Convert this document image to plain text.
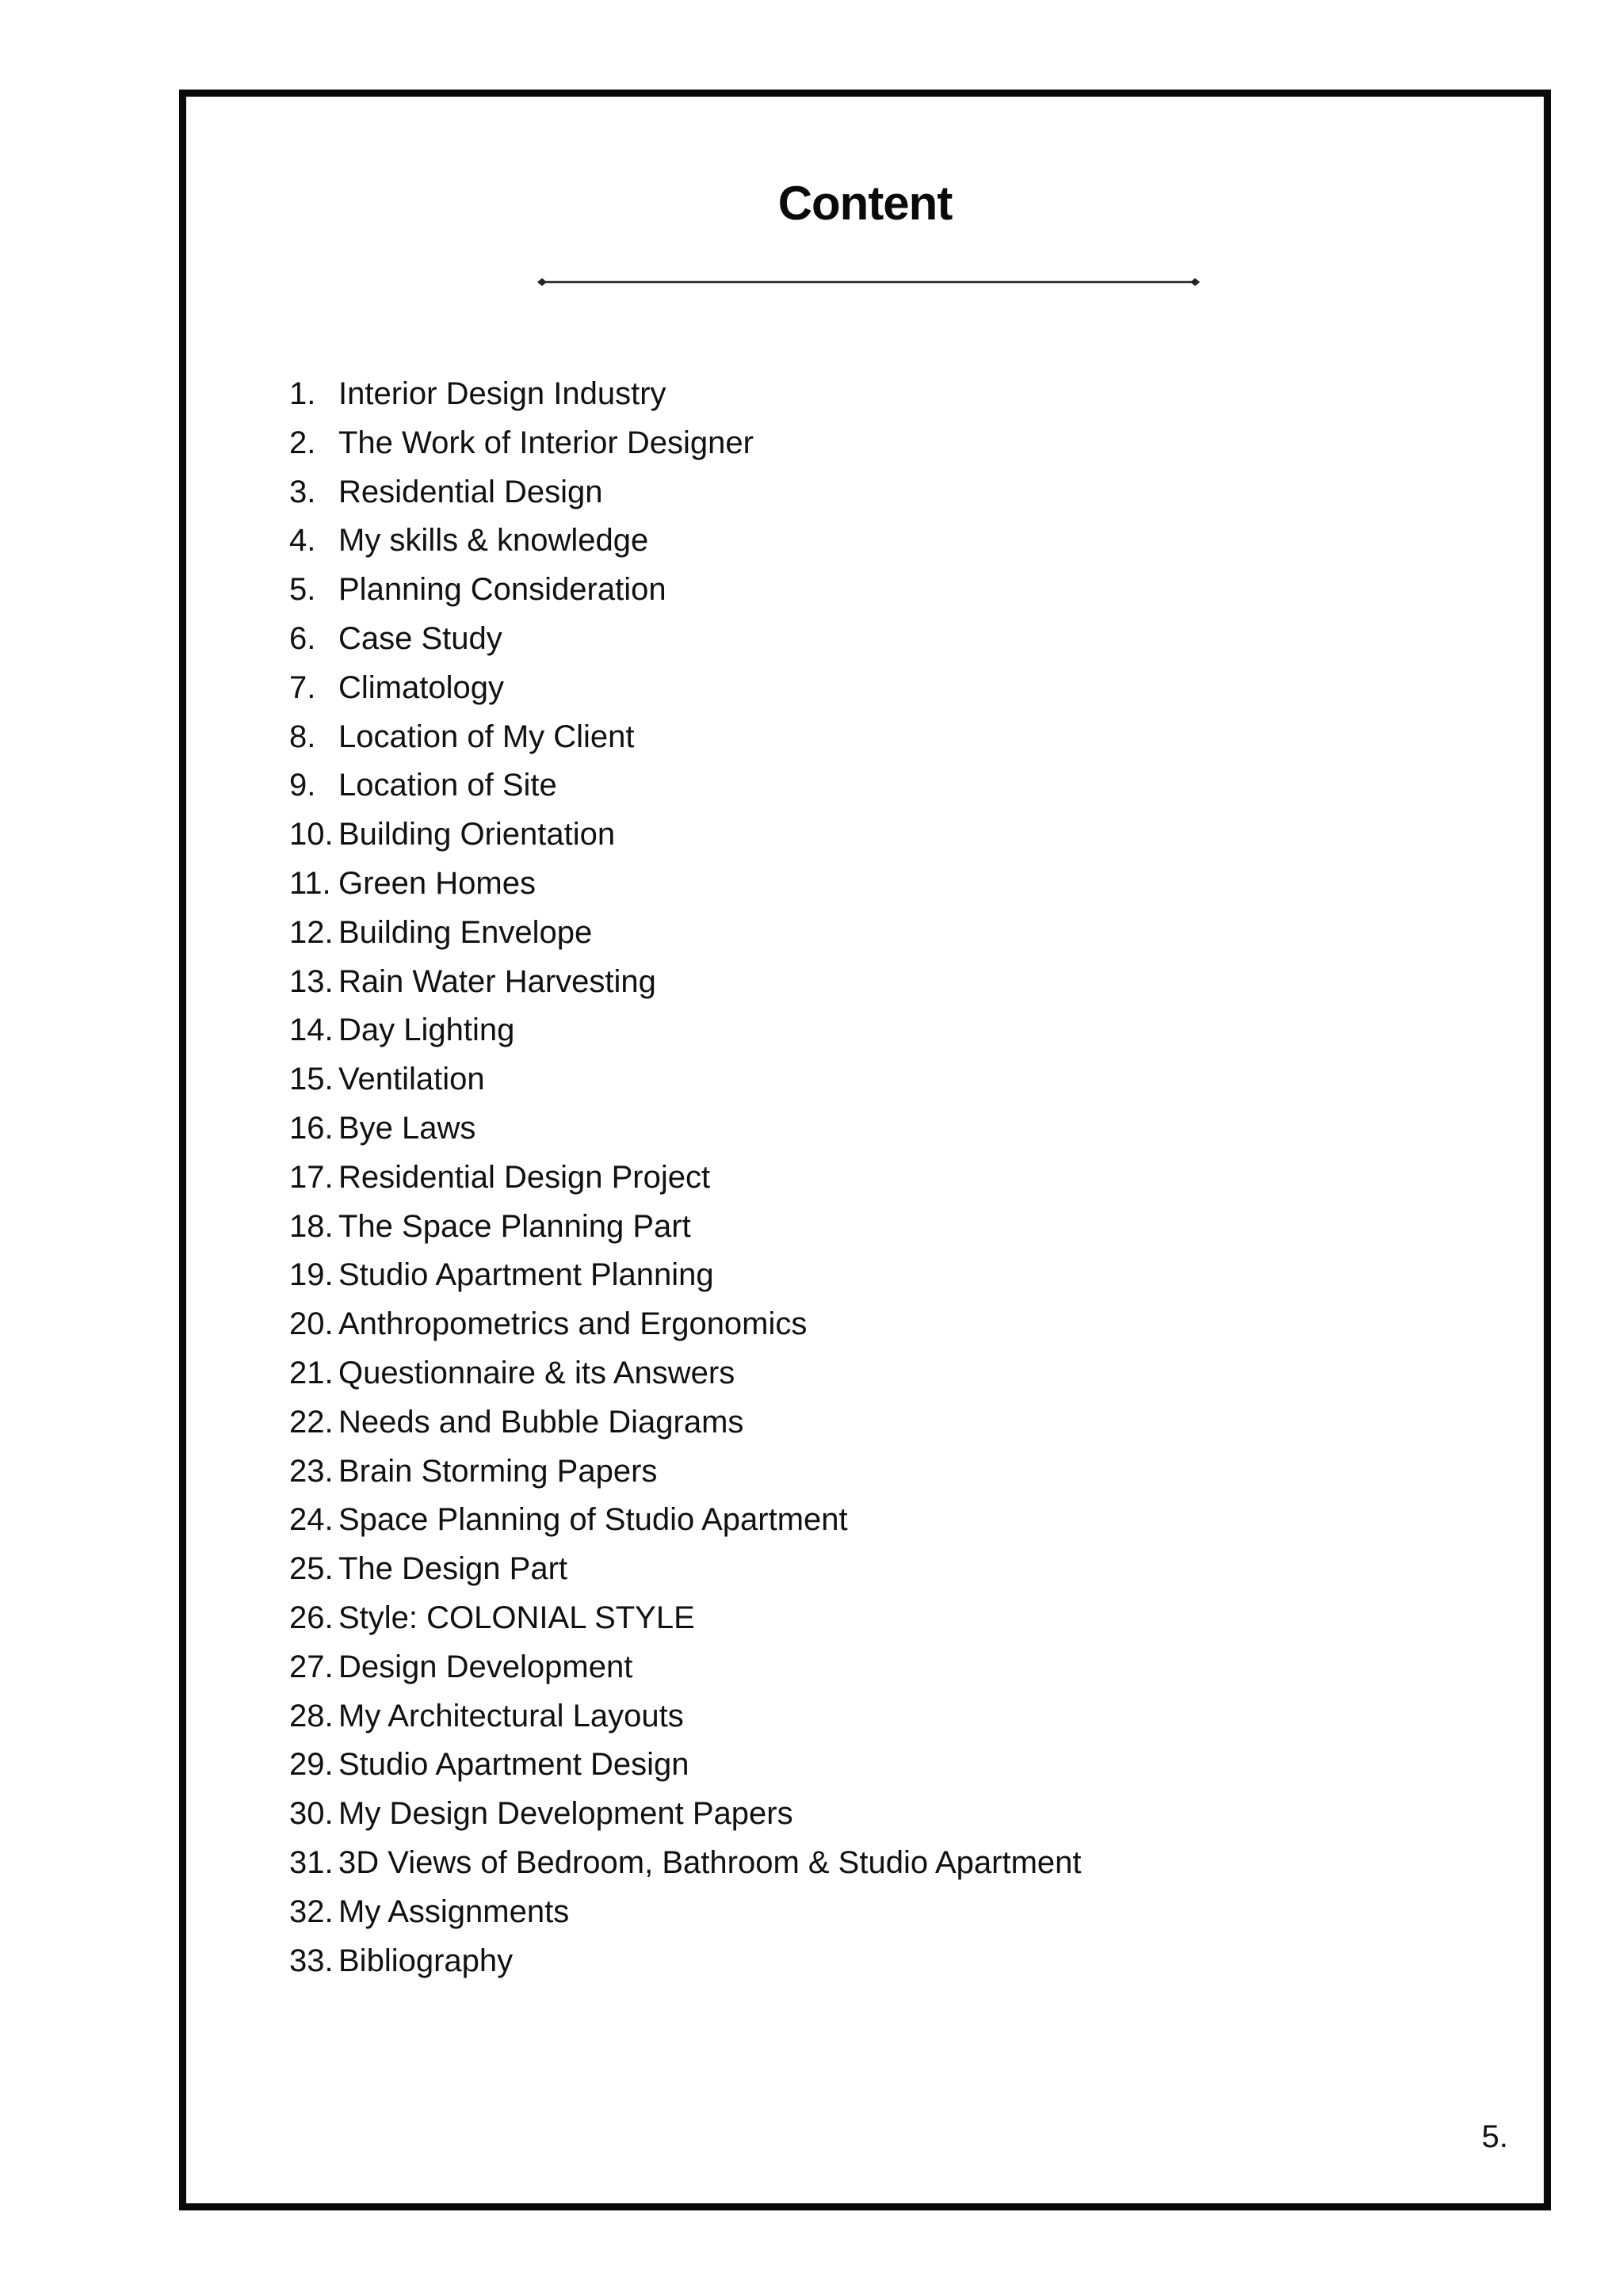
Content
1. Interior Design Industry
2. The Work of Interior Designer
3. Residential Design
4. My skills & knowledge
5. Planning Consideration
6. Case Study
7. Climatology
8. Location of My Client
9. Location of Site
10. Building Orientation
11. Green Homes
12. Building Envelope
13. Rain Water Harvesting
14. Day Lighting
15. Ventilation
16. Bye Laws
17. Residential Design Project
18. The Space Planning Part
19. Studio Apartment Planning
20. Anthropometrics and Ergonomics
21. Questionnaire & its Answers
22. Needs and Bubble Diagrams
23. Brain Storming Papers
24. Space Planning of Studio Apartment
25. The Design Part
26. Style: COLONIAL STYLE
27. Design Development
28. My Architectural Layouts
29. Studio Apartment Design
30. My Design Development Papers
31. 3D Views of Bedroom, Bathroom & Studio Apartment
32. My Assignments
33. Bibliography
5.
